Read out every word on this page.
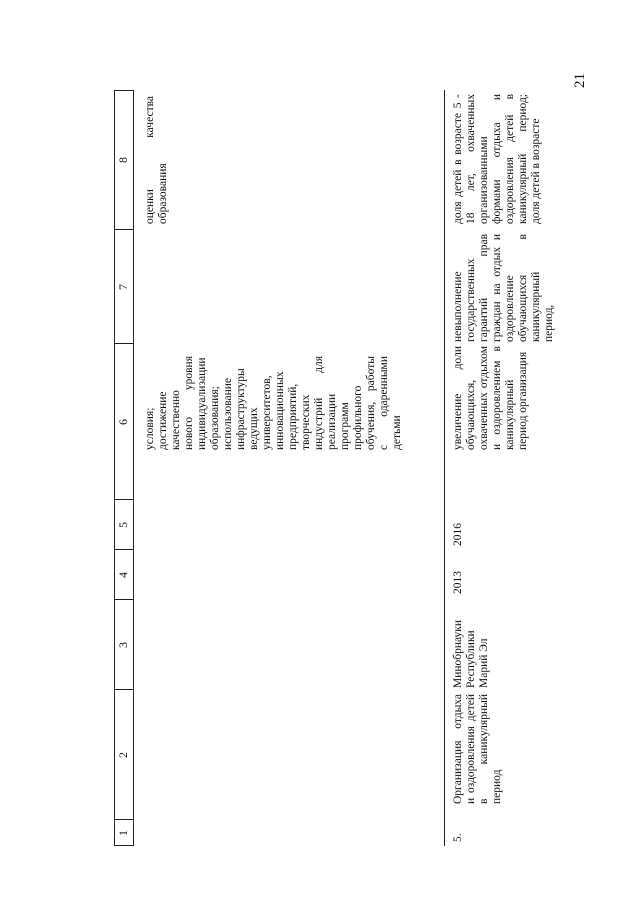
21
1
2
3
4
5
6
7
8
условия; достижение качественно нового уровня индивидуализации образования; использование инфраструктуры ведущих университетов, инновационных предприятий, творческих индустрий для реализации программ профильного обучения, работы с одаренными детьми
оценки качества образования
5.
Организация отдыха и оздоровления детей в каникулярный период
Минобрнауки Республики Марий Эл
2013
2016
увеличение доли обучающихся, охваченных отдыхом и оздоровлением в каникулярный период организация
невыполнение государственных гарантий прав граждан на отдых и оздоровление обучающихся в каникулярный период,
доля детей в возрасте 5 - 18 лет, охваченных организованными формами отдыха и оздоровления детей в каникулярный период; доля детей в возрасте
